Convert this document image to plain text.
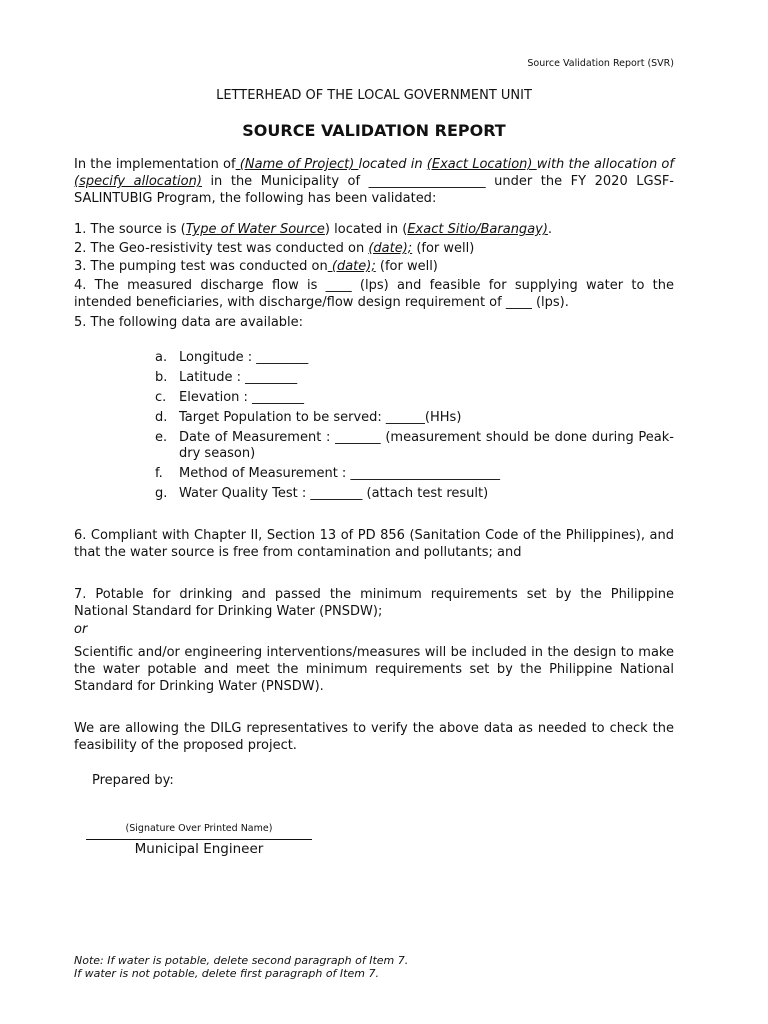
Source Validation Report (SVR)
LETTERHEAD OF THE LOCAL GOVERNMENT UNIT
SOURCE VALIDATION REPORT
In the implementation of (Name of Project) located in (Exact Location) with the allocation of (specify allocation) in the Municipality of __________________ under the FY 2020 LGSF-SALINTUBIG Program, the following has been validated:
1. The source is (Type of Water Source) located in (Exact Sitio/Barangay).
2. The Geo-resistivity test was conducted on (date); (for well)
3. The pumping test was conducted on (date); (for well)
4. The measured discharge flow is ____ (lps) and feasible for supplying water to the intended beneficiaries, with discharge/flow design requirement of ____ (lps).
5. The following data are available:
a. Longitude : ________
b. Latitude : ________
c. Elevation : ________
d. Target Population to be served: ______(HHs)
e. Date of Measurement : _______ (measurement should be done during Peak-dry season)
f. Method of Measurement : _______________________
g. Water Quality Test : ________ (attach test result)
6. Compliant with Chapter II, Section 13 of PD 856 (Sanitation Code of the Philippines), and that the water source is free from contamination and pollutants; and
7. Potable for drinking and passed the minimum requirements set by the Philippine National Standard for Drinking Water (PNSDW);
or
Scientific and/or engineering interventions/measures will be included in the design to make the water potable and meet the minimum requirements set by the Philippine National Standard for Drinking Water (PNSDW).
We are allowing the DILG representatives to verify the above data as needed to check the feasibility of the proposed project.
Prepared by:
(Signature Over Printed Name)
Municipal Engineer
Note: If water is potable, delete second paragraph of Item 7.
If water is not potable, delete first paragraph of Item 7.
